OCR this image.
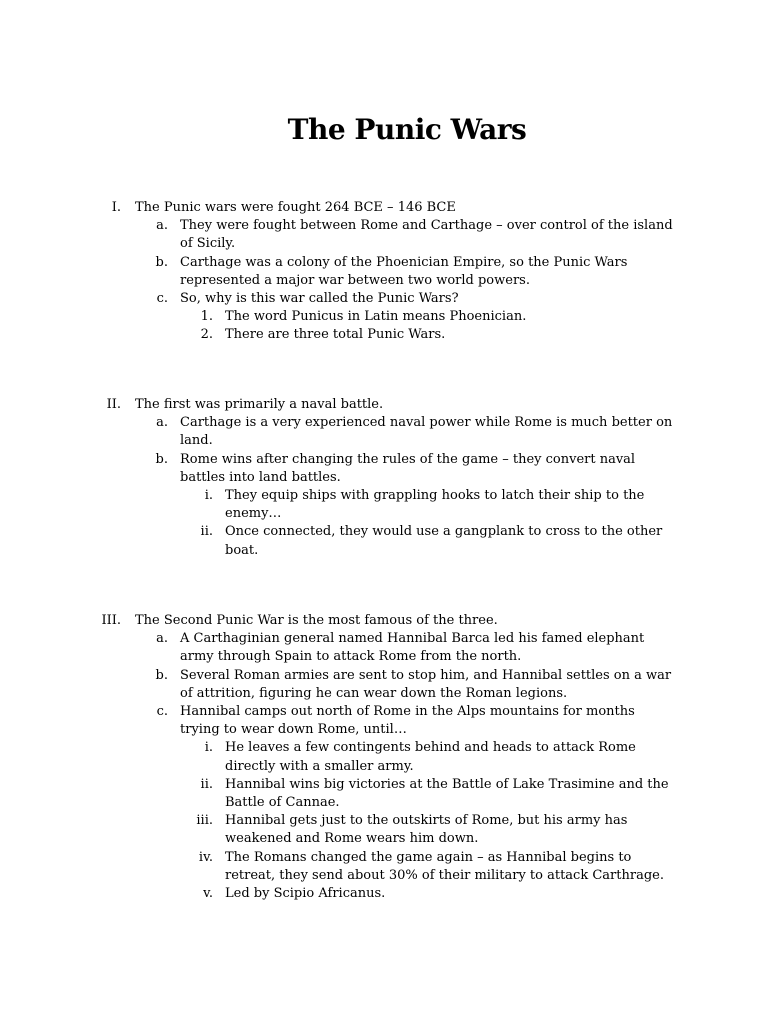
The Punic Wars
I. The Punic wars were fought 264 BCE – 146 BCE
a. They were fought between Rome and Carthage – over control of the island
of Sicily.
b. Carthage was a colony of the Phoenician Empire, so the Punic Wars
represented a major war between two world powers.
c. So, why is this war called the Punic Wars?
1. The word Punicus in Latin means Phoenician.
2. There are three total Punic Wars.
II. The first was primarily a naval battle.
a. Carthage is a very experienced naval power while Rome is much better on
land.
b. Rome wins after changing the rules of the game – they convert naval
battles into land battles.
i. They equip ships with grappling hooks to latch their ship to the
enemy…
ii. Once connected, they would use a gangplank to cross to the other
boat.
III. The Second Punic War is the most famous of the three.
a. A Carthaginian general named Hannibal Barca led his famed elephant
army through Spain to attack Rome from the north.
b. Several Roman armies are sent to stop him, and Hannibal settles on a war
of attrition, figuring he can wear down the Roman legions.
c. Hannibal camps out north of Rome in the Alps mountains for months
trying to wear down Rome, until…
i. He leaves a few contingents behind and heads to attack Rome
directly with a smaller army.
ii. Hannibal wins big victories at the Battle of Lake Trasimine and the
Battle of Cannae.
iii. Hannibal gets just to the outskirts of Rome, but his army has
weakened and Rome wears him down.
iv. The Romans changed the game again – as Hannibal begins to
retreat, they send about 30% of their military to attack Carthrage.
v. Led by Scipio Africanus.
